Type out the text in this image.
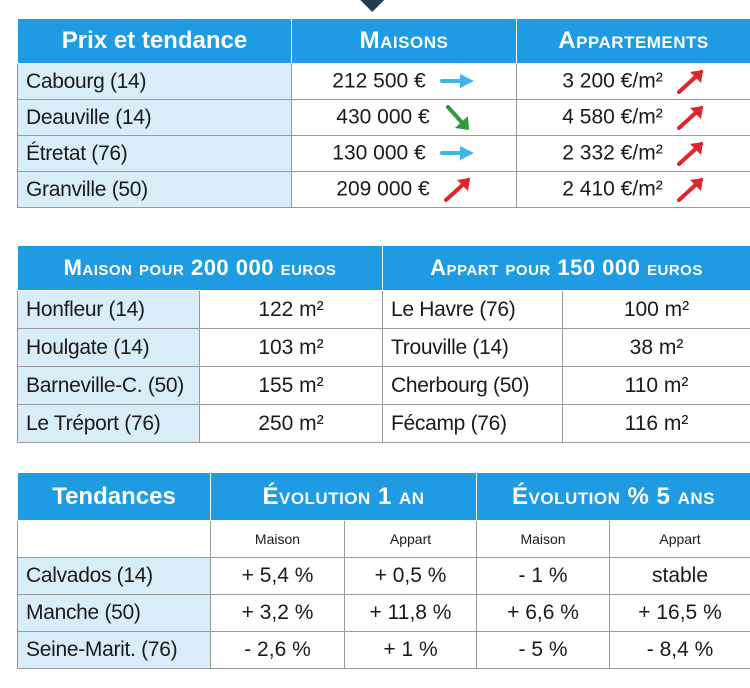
Prix et tendance	Maisons	Appartements
Cabourg (14)	212 500 €	3 200 €/m²
Deauville (14)	430 000 €	4 580 €/m²
Étretat (76)	130 000 €	2 332 €/m²
Granville (50)	209 000 €	2 410 €/m²
Maison pour 200 000 euros		Appart pour 150 000 euros	
Honfleur (14)	122 m²	Le Havre (76)	100 m²
Houlgate (14)	103 m²	Trouville (14)	38 m²
Barneville-C. (50)	155 m²	Cherbourg (50)	110 m²
Le Tréport (76)	250 m²	Fécamp (76)	116 m²
Tendances	Évolution 1 an		Évolution % 5 ans	
	Maison	Appart	Maison	Appart
Calvados (14)	+ 5,4 %	+ 0,5 %	- 1 %	stable
Manche (50)	+ 3,2 %	+ 11,8 %	+ 6,6 %	+ 16,5 %
Seine-Marit. (76)	- 2,6 %	+ 1 %	- 5 %	- 8,4 %
